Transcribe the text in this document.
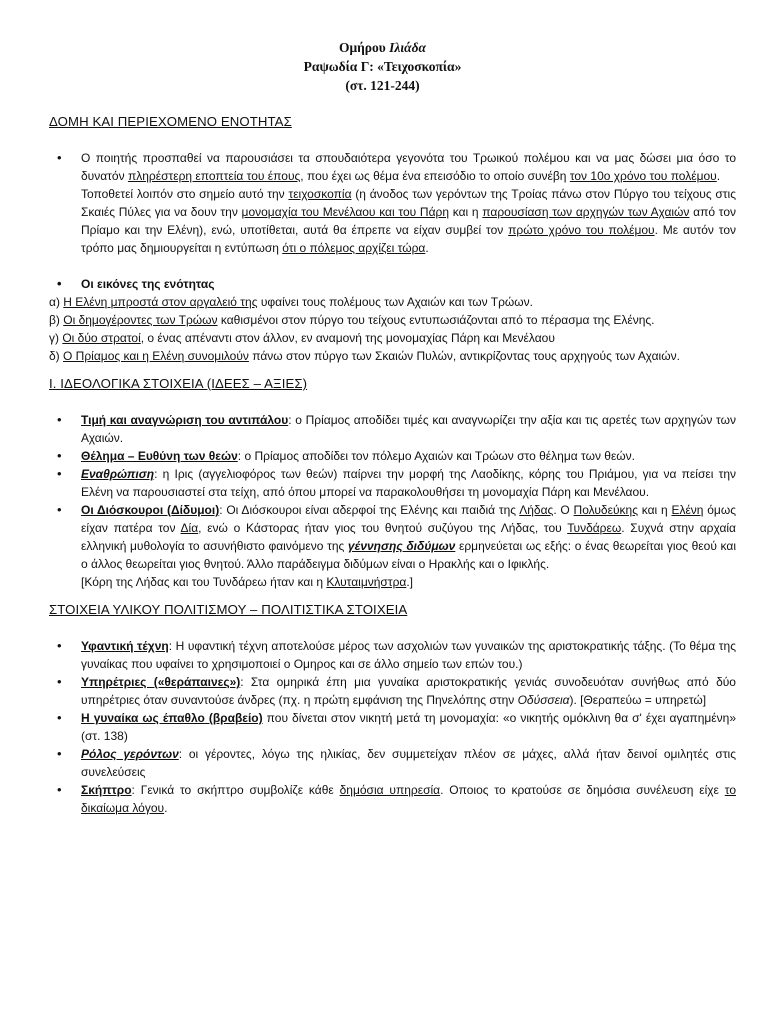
Ομήρου Ιλιάδα
Ραψωδία Γ: «Τειχοσκοπία»
(στ. 121-244)
ΔΟΜΗ ΚΑΙ ΠΕΡΙΕΧΟΜΕΝΟ ΕΝΟΤΗΤΑΣ
• Ο ποιητής προσπαθεί να παρουσιάσει τα σπουδαιότερα γεγονότα του Τρωικού πολέμου και να μας δώσει μια όσο το δυνατόν πληρέστερη εποπτεία του έπους, που έχει ως θέμα ένα επεισόδιο το οποίο συνέβη τον 10ο χρόνο του πολέμου.
Τοποθετεί λοιπόν στο σημείο αυτό την τειχοσκοπία (η άνοδος των γερόντων της Τροίας πάνω στον Πύργο του τείχους στις Σκαιές Πύλες για να δουν την μονομαχία του Μενέλαου και του Πάρη και η παρουσίαση των αρχηγών των Αχαιών από τον Πρίαμο και την Ελένη), ενώ, υποτίθεται, αυτά θα έπρεπε να είχαν συμβεί τον πρώτο χρόνο του πολέμου. Με αυτόν τον τρόπο μας δημιουργείται η εντύπωση ότι ο πόλεμος αρχίζει τώρα.
• Οι εικόνες της ενότητας
α) Η Ελένη μπροστά στον αργαλειό της υφαίνει τους πολέμους των Αχαιών και των Τρώων.
β) Οι δημογέροντες των Τρώων καθισμένοι στον πύργο του τείχους εντυπωσιάζονται από το πέρασμα της Ελένης.
γ) Οι δύο στρατοί, ο ένας απέναντι στον άλλον, εν αναμονή της μονομαχίας Πάρη και Μενέλαου
δ) Ο Πρίαμος και η Ελένη συνομιλούν πάνω στον πύργο των Σκαιών Πυλών, αντικρίζοντας τους αρχηγούς των Αχαιών.
Ι. ΙΔΕΟΛΟΓΙΚΑ ΣΤΟΙΧΕΙΑ (ΙΔΕΕΣ – ΑΞΙΕΣ)
• Τιμή και αναγνώριση του αντιπάλου: ο Πρίαμος αποδίδει τιμές και αναγνωρίζει την αξία και τις αρετές των αρχηγών των Αχαιών.
• Θέλημα – Ευθύνη των θεών: ο Πρίαμος αποδίδει τον πόλεμο Αχαιών και Τρώων στο θέλημα των θεών.
• Εναθρώπιση: η Ιρις (αγγελιοφόρος των θεών) παίρνει την μορφή της Λαοδίκης, κόρης του Πριάμου, για να πείσει την Ελένη να παρουσιαστεί στα τείχη, από όπου μπορεί να παρακολουθήσει τη μονομαχία Πάρη και Μενέλαου.
• Οι Διόσκουροι (Δίδυμοι): Οι Διόσκουροι είναι αδερφοί της Ελένης και παιδιά της Λήδας. Ο Πολυδεύκης και η Ελένη όμως είχαν πατέρα τον Δία, ενώ ο Κάστορας ήταν γιος του θνητού συζύγου της Λήδας, του Τυνδάρεω. Συχνά στην αρχαία ελληνική μυθολογία το ασυνήθιστο φαινόμενο της γέννησης διδύμων ερμηνεύεται ως εξής: ο ένας θεωρείται γιος θεού και ο άλλος θεωρείται γιος θνητού. Άλλο παράδειγμα διδύμων είναι ο Ηρακλής και ο Ιφικλής.
[Κόρη της Λήδας και του Τυνδάρεω ήταν και η Κλυταιμνήστρα.]
ΣΤΟΙΧΕΙΑ ΥΛΙΚΟΥ ΠΟΛΙΤΙΣΜΟΥ – ΠΟΛΙΤΙΣΤΙΚΑ ΣΤΟΙΧΕΙΑ
• Υφαντική τέχνη: Η υφαντική τέχνη αποτελούσε μέρος των ασχολιών των γυναικών της αριστοκρατικής τάξης. (Το θέμα της γυναίκας που υφαίνει το χρησιμοποιεί ο Ομηρος και σε άλλο σημείο των επών του.)
• Υπηρέτριες («θεράπαινες»): Στα ομηρικά έπη μια γυναίκα αριστοκρατικής γενιάς συνοδευόταν συνήθως από δύο υπηρέτριες όταν συναντούσε άνδρες (πχ. η πρώτη εμφάνιση της Πηνελόπης στην Οδύσσεια). [Θεραπεύω = υπηρετώ]
• Η γυναίκα ως έπαθλο (βραβείο) που δίνεται στον νικητή μετά τη μονομαχία: «ο νικητής ομόκλινη θα σ' έχει αγαπημένη» (στ. 138)
• Ρόλος γερόντων: οι γέροντες, λόγω της ηλικίας, δεν συμμετείχαν πλέον σε μάχες, αλλά ήταν δεινοί ομιλητές στις συνελεύσεις
• Σκήπτρο: Γενικά το σκήπτρο συμβολίζε κάθε δημόσια υπηρεσία. Οποιος το κρατούσε σε δημόσια συνέλευση είχε το δικαίωμα λόγου.
